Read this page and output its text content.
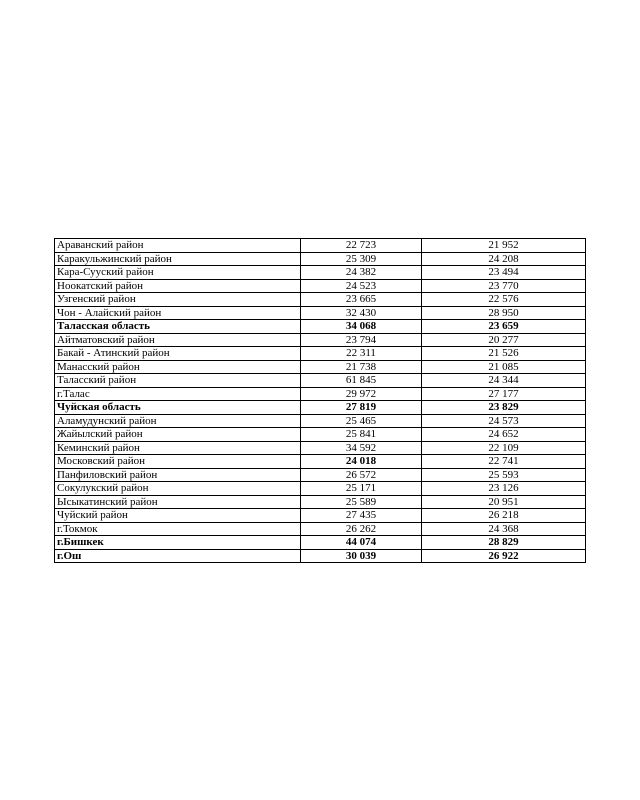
Араванский район	22 723	21 952
Каракульжинский район	25 309	24 208
Кара-Сууский район	24 382	23 494
Ноокатский район	24 523	23 770
Узгенский район	23 665	22 576
Чон - Алайский район	32 430	28 950
Таласская область	34 068	23 659
Айтматовский район	23 794	20 277
Бакай - Атинский район	22 311	21 526
Манасский район	21 738	21 085
Таласский район	61 845	24 344
г.Талас	29 972	27 177
Чуйская область	27 819	23 829
Аламудунский район	25 465	24 573
Жайылский район	25 841	24 652
Кеминский район	34 592	22 109
Московский район	24 018	22 741
Панфиловский район	26 572	25 593
Сокулукский район	25 171	23 126
Ысыкатинский район	25 589	20 951
Чуйский район	27 435	26 218
г.Токмок	26 262	24 368
г.Бишкек	44 074	28 829
г.Ош	30 039	26 922
